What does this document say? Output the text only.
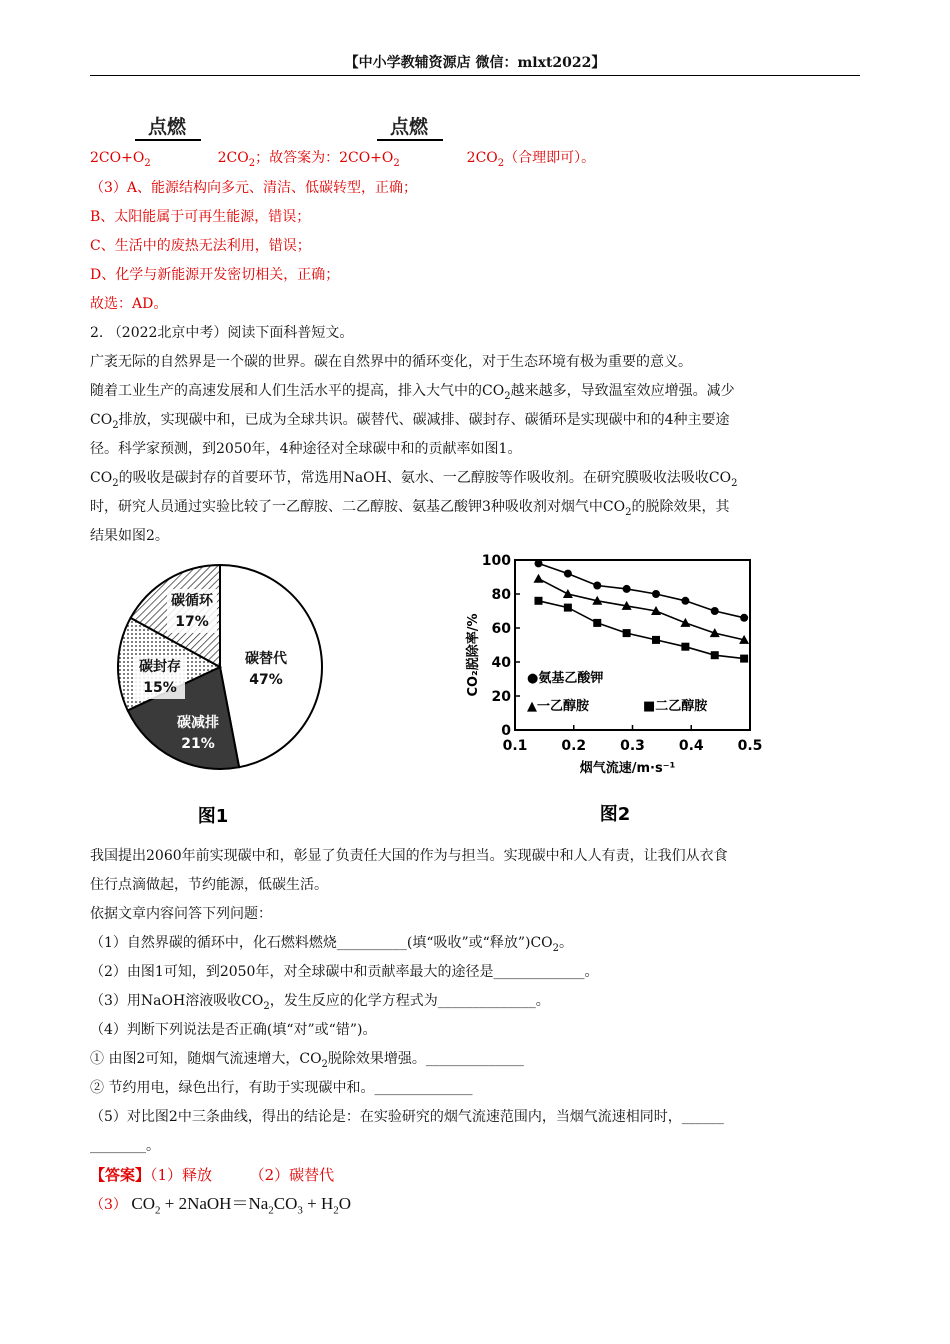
【中小学教辅资源店 微信：mlxt2022】
点燃	点燃
$2CO+O_2$	$2CO_2$；故答案为：$2CO+O_2$	$2CO_2$（合理即可）。
（3）A、能源结构向多元、清洁、低碳转型，正确；
B、太阳能属于可再生能源，错误；
C、生活中的废热无法利用，错误；
D、化学与新能源开发密切相关，正确；
故选：AD。
2. （2022北京中考）阅读下面科普短文。
广袤无际的自然界是一个碳的世界。碳在自然界中的循环变化，对于生态环境有极为重要的意义。
随着工业生产的高速发展和人们生活水平的提高，排入大气中的$CO_2$越来越多，导致温室效应增强。减少
$CO_2$排放，实现碳中和，已成为全球共识。碳替代、碳减排、碳封存、碳循环是实现碳中和的4种主要途
径。科学家预测，到2050年，4种途径对全球碳中和的贡献率如图1。
$CO_2$的吸收是碳封存的首要环节，常选用NaOH、氨水、一乙醇胺等作吸收剂。在研究膜吸收法吸收$CO_2$
时，研究人员通过实验比较了一乙醇胺、二乙醇胺、氨基乙酸钾3种吸收剂对烟气中$CO_2$的脱除效果，其
结果如图2。
碳替代
47%
碳减排
21%
碳封存
15%
碳循环
17%
图1
0
20
40
60
80
100
0.1 0.2 0.3 0.4 0.5
烟气流速/m·s⁻¹
CO₂脱除率/%	●氨基乙酸钾
▲一乙醇胺	■二乙醇胺
图2
我国提出2060年前实现碳中和，彰显了负责任大国的作为与担当。实现碳中和人人有责，让我们从衣食
住行点滴做起，节约能源，低碳生活。
依据文章内容问答下列问题：
（1）自然界碳的循环中，化石燃料燃烧__________(填“吸收”或“释放$”)CO_2$。
（2）由图1可知，到2050年，对全球碳中和贡献率最大的途径是_____________。
（3）用NaOH溶液吸收$CO_2$，发生反应的化学方程式为______________。
（4）判断下列说法是否正确(填“对”或“错”)。
① 由图2可知，随烟气流速增大，$CO_2$脱除效果增强。______________
② 节约用电，绿色出行，有助于实现碳中和。______________
（5）对比图2中三条曲线，得出的结论是：在实验研究的烟气流速范围内，当烟气流速相同时，______
________。
【答案】（1）释放	（2）碳替代
（3） $CO_2$ + $2NaOH=Na_2CO_3 + H_2O$
